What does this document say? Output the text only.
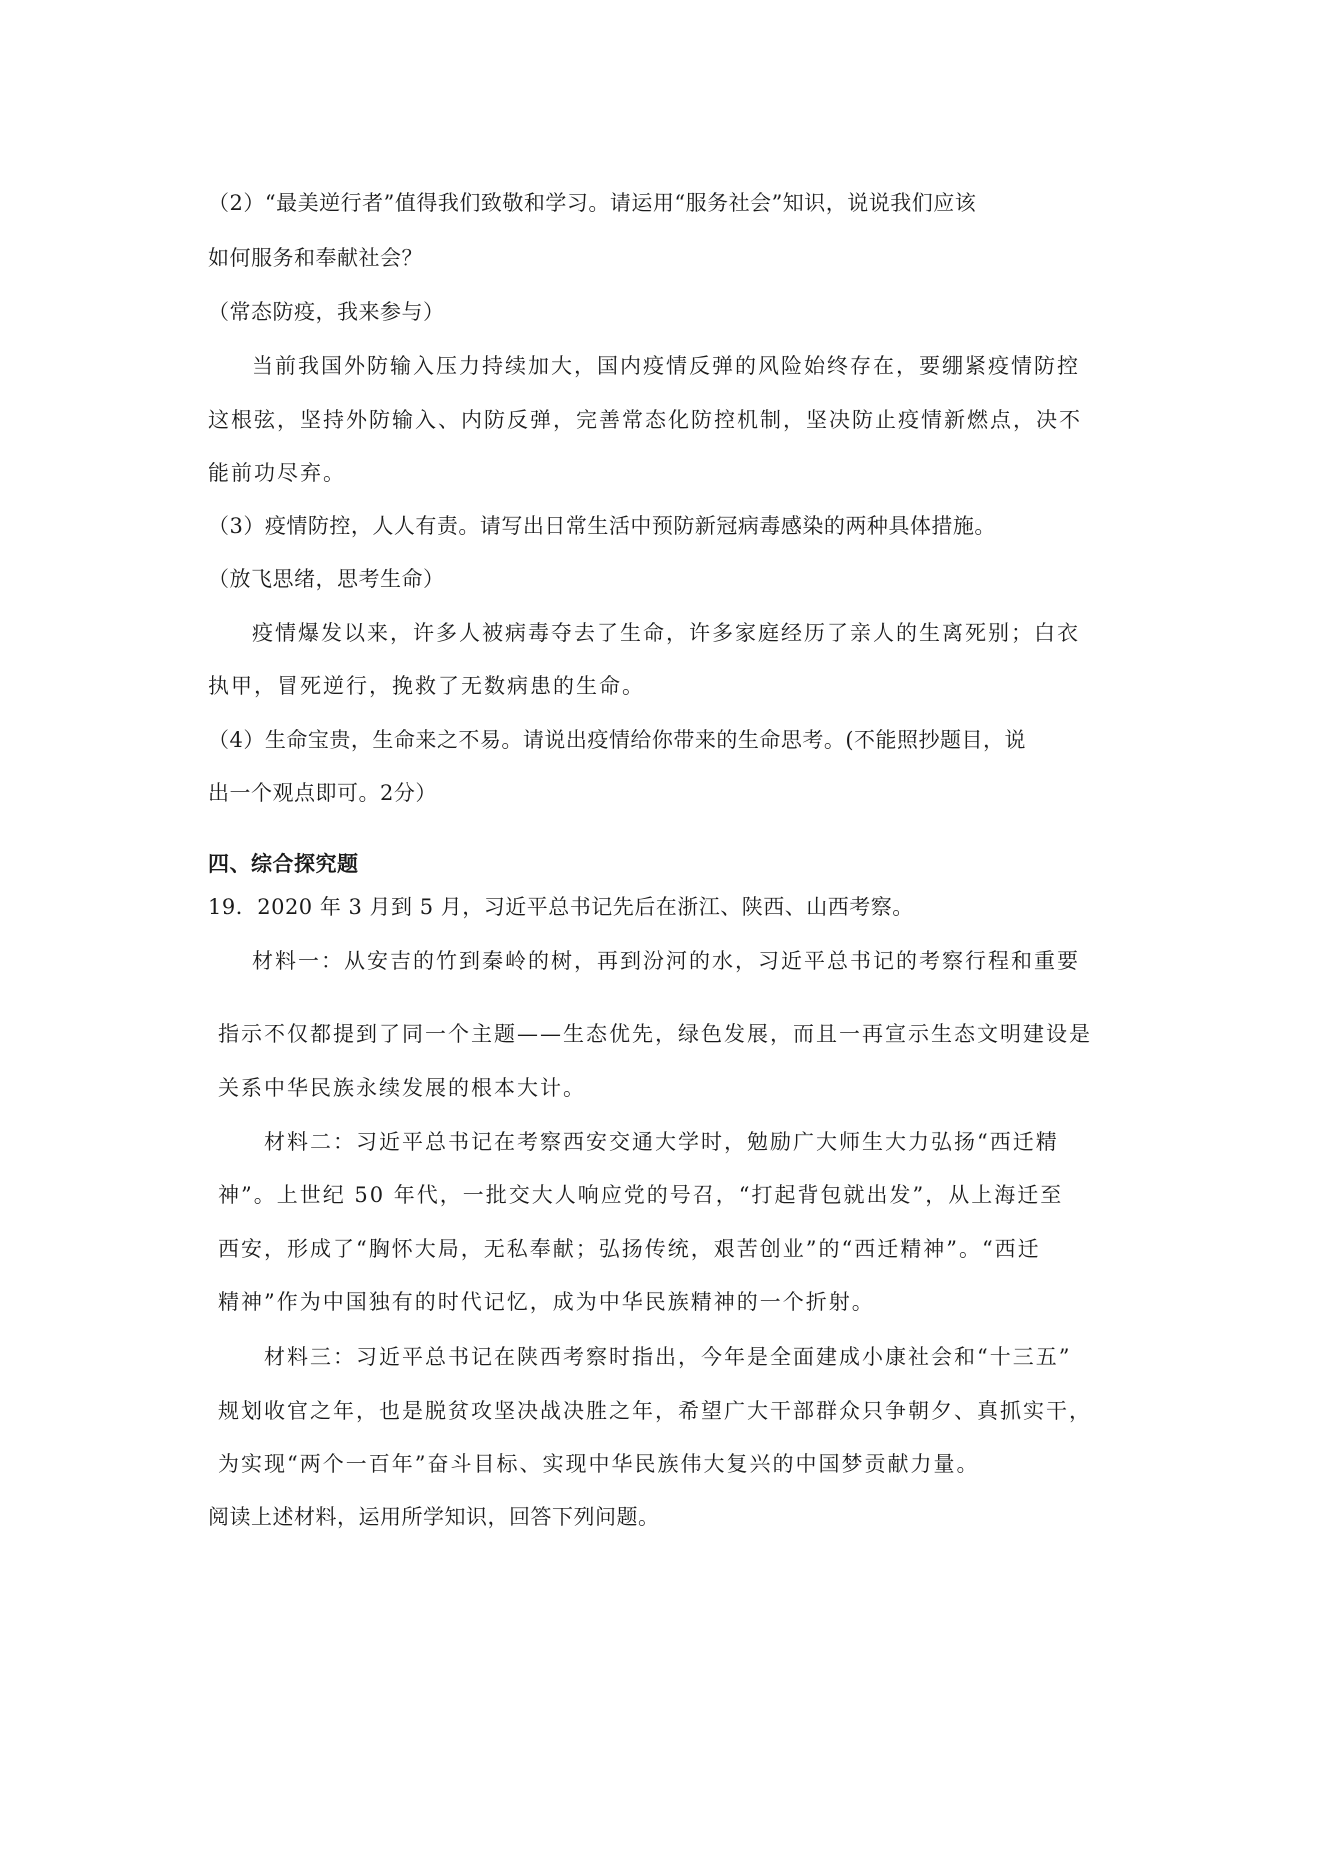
（2）“最美逆行者”值得我们致敬和学习。请运用“服务社会”知识，说说我们应该
如何服务和奉献社会？
（常态防疫，我来参与）
当前我国外防输入压力持续加大，国内疫情反弹的风险始终存在，要绷紧疫情防控
这根弦，坚持外防输入、内防反弹，完善常态化防控机制，坚决防止疫情新燃点，决不
能前功尽弃。
（3）疫情防控，人人有责。请写出日常生活中预防新冠病毒感染的两种具体措施。
（放飞思绪，思考生命）
疫情爆发以来，许多人被病毒夺去了生命，许多家庭经历了亲人的生离死别；白衣
执甲，冒死逆行，挽救了无数病患的生命。
（4）生命宝贵，生命来之不易。请说出疫情给你带来的生命思考。(不能照抄题目，说
出一个观点即可。2分）
四、综合探究题
19．2020 年 3 月到 5 月，习近平总书记先后在浙江、陕西、山西考察。
材料一：从安吉的竹到秦岭的树，再到汾河的水，习近平总书记的考察行程和重要
指示不仅都提到了同一个主题——生态优先，绿色发展，而且一再宣示生态文明建设是
关系中华民族永续发展的根本大计。
材料二：习近平总书记在考察西安交通大学时，勉励广大师生大力弘扬“西迁精
神”。上世纪 50 年代，一批交大人响应党的号召，“打起背包就出发”，从上海迁至
西安，形成了“胸怀大局，无私奉献；弘扬传统，艰苦创业”的“西迁精神”。“西迁
精神”作为中国独有的时代记忆，成为中华民族精神的一个折射。
材料三：习近平总书记在陕西考察时指出，今年是全面建成小康社会和“十三五”
规划收官之年，也是脱贫攻坚决战决胜之年，希望广大干部群众只争朝夕、真抓实干，
为实现“两个一百年”奋斗目标、实现中华民族伟大复兴的中国梦贡献力量。
阅读上述材料，运用所学知识，回答下列问题。
